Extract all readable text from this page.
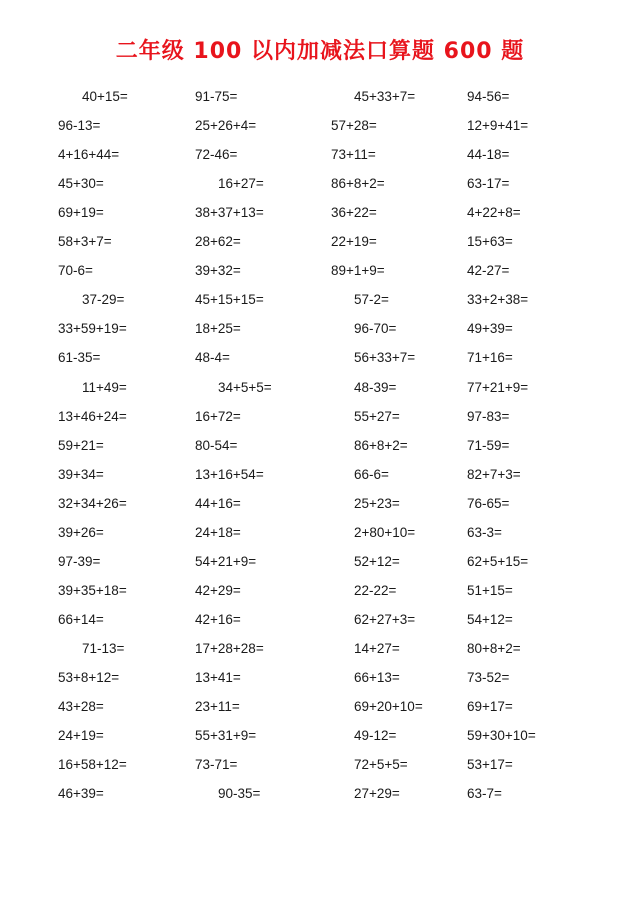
二年级 100 以内加减法口算题 600 题
40+15=	91-75=	45+33+7=	94-56=
96-13=	25+26+4=	57+28=	12+9+41=
4+16+44=	72-46=	73+11=	44-18=
45+30=	16+27=	86+8+2=	63-17=
69+19=	38+37+13=	36+22=	4+22+8=
58+3+7=	28+62=	22+19=	15+63=
70-6=	39+32=	89+1+9=	42-27=
37-29=	45+15+15=	57-2=	33+2+38=
33+59+19=	18+25=	96-70=	49+39=
61-35=	48-4=	56+33+7=	71+16=
11+49=	34+5+5=	48-39=	77+21+9=
13+46+24=	16+72=	55+27=	97-83=
59+21=	80-54=	86+8+2=	71-59=
39+34=	13+16+54=	66-6=	82+7+3=
32+34+26=	44+16=	25+23=	76-65=
39+26=	24+18=	2+80+10=	63-3=
97-39=	54+21+9=	52+12=	62+5+15=
39+35+18=	42+29=	22-22=	51+15=
66+14=	42+16=	62+27+3=	54+12=
71-13=	17+28+28=	14+27=	80+8+2=
53+8+12=	13+41=	66+13=	73-52=
43+28=	23+11=	69+20+10=	69+17=
24+19=	55+31+9=	49-12=	59+30+10=
16+58+12=	73-71=	72+5+5=	53+17=
46+39=	90-35=	27+29=	63-7=
